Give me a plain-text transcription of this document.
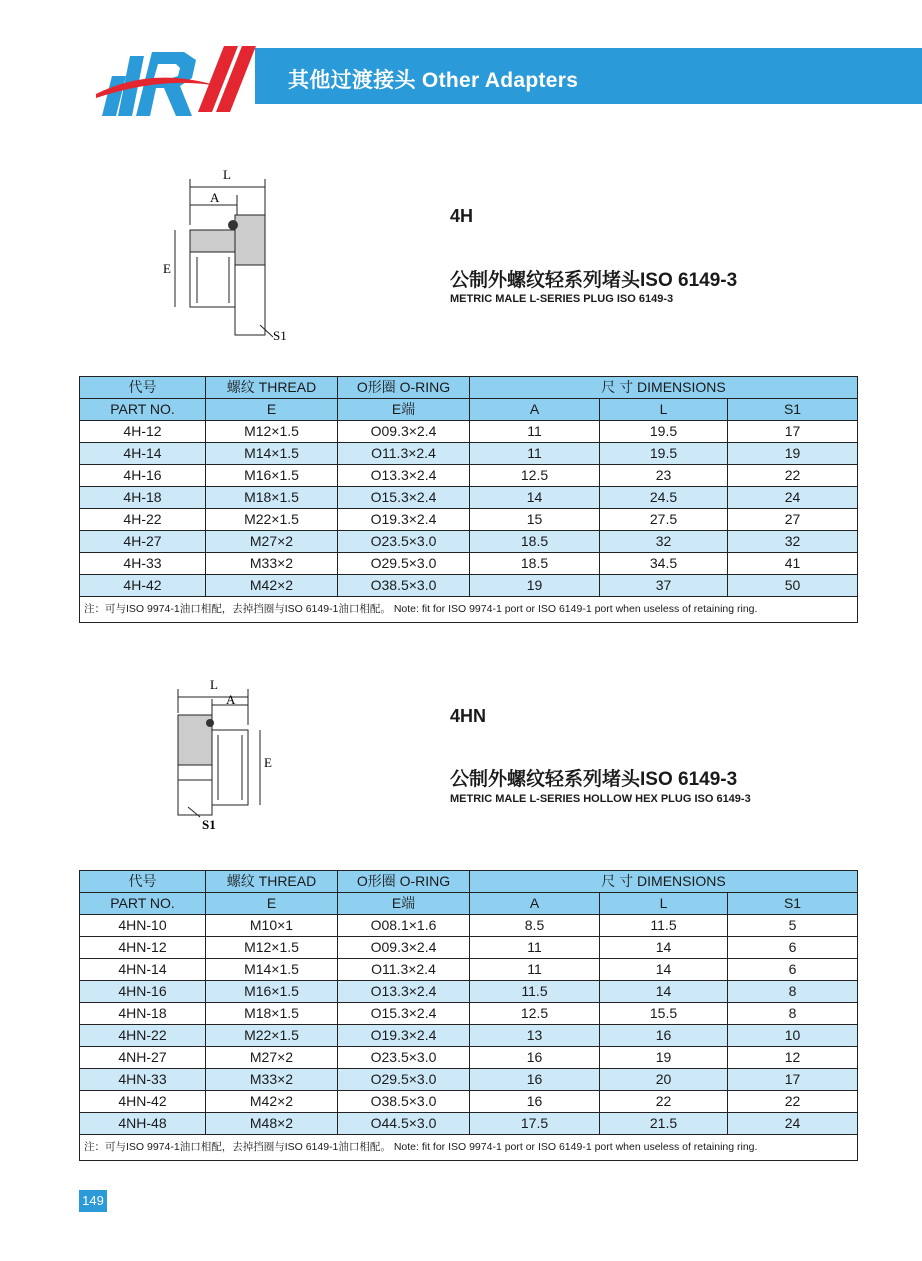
其他过渡接头 Other Adapters
L
A
E
S1
4H
公制外螺纹轻系列堵头ISO 6149-3
METRIC MALE L-SERIES PLUG ISO 6149-3
代号	螺纹 THREAD	O形圈 O-RING	尺 寸 DIMENSIONS		
PART NO.	E	E端	A	L	S1
4H-12	M12×1.5	O09.3×2.4	11	19.5	17
4H-14	M14×1.5	O11.3×2.4	11	19.5	19
4H-16	M16×1.5	O13.3×2.4	12.5	23	22
4H-18	M18×1.5	O15.3×2.4	14	24.5	24
4H-22	M22×1.5	O19.3×2.4	15	27.5	27
4H-27	M27×2	O23.5×3.0	18.5	32	32
4H-33	M33×2	O29.5×3.0	18.5	34.5	41
4H-42	M42×2	O38.5×3.0	19	37	50
注：可与ISO 9974-1油口相配，去掉挡圈与ISO 6149-1油口相配。 Note: fit for ISO 9974-1 port or ISO 6149-1 port when useless of retaining ring.					
L
A
E
S1
4HN
公制外螺纹轻系列堵头ISO 6149-3
METRIC MALE L-SERIES HOLLOW HEX PLUG ISO 6149-3
代号	螺纹 THREAD	O形圈 O-RING	尺 寸 DIMENSIONS		
PART NO.	E	E端	A	L	S1
4HN-10	M10×1	O08.1×1.6	8.5	11.5	5
4HN-12	M12×1.5	O09.3×2.4	11	14	6
4HN-14	M14×1.5	O11.3×2.4	11	14	6
4HN-16	M16×1.5	O13.3×2.4	11.5	14	8
4HN-18	M18×1.5	O15.3×2.4	12.5	15.5	8
4HN-22	M22×1.5	O19.3×2.4	13	16	10
4NH-27	M27×2	O23.5×3.0	16	19	12
4HN-33	M33×2	O29.5×3.0	16	20	17
4HN-42	M42×2	O38.5×3.0	16	22	22
4NH-48	M48×2	O44.5×3.0	17.5	21.5	24
注：可与ISO 9974-1油口相配，去掉挡圈与ISO 6149-1油口相配。 Note: fit for ISO 9974-1 port or ISO 6149-1 port when useless of retaining ring.					
149
